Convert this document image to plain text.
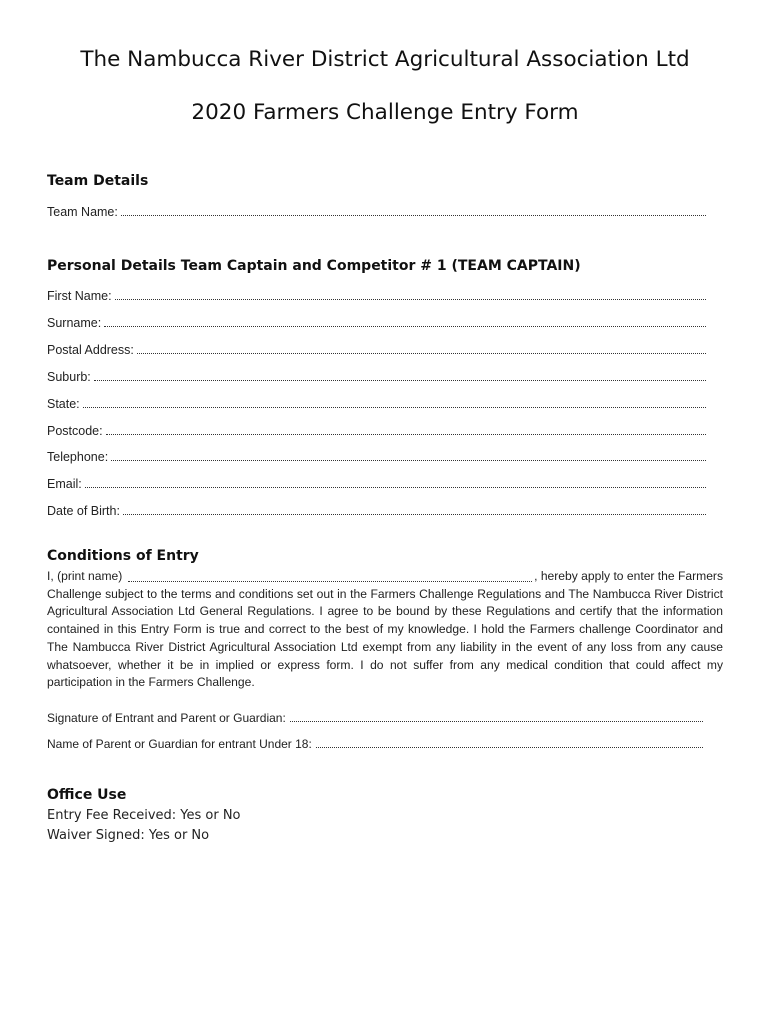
The Nambucca River District Agricultural Association Ltd
2020 Farmers Challenge Entry Form
Team Details
Team Name:
Personal Details Team Captain and Competitor # 1 (TEAM CAPTAIN)
First Name:
Surname:
Postal Address:
Suburb:
State:
Postcode:
Telephone:
Email:
Date of Birth:
Conditions of Entry
I, (print name)	, hereby apply to enter the Farmers
Challenge subject to the terms and conditions set out in the Farmers Challenge Regulations and The Nambucca River District Agricultural Association Ltd General Regulations. I agree to be bound by these Regulations and certify that the information contained in this Entry Form is true and correct to the best of my knowledge. I hold the Farmers challenge Coordinator and The Nambucca River District Agricultural Association Ltd exempt from any liability in the event of any loss from any cause whatsoever, whether it be in implied or express form. I do not suffer from any medical condition that could affect my participation in the Farmers Challenge.
Signature of Entrant and Parent or Guardian:
Name of Parent or Guardian for entrant Under 18:
Office Use
Entry Fee Received: Yes or No
Waiver Signed: Yes or No
